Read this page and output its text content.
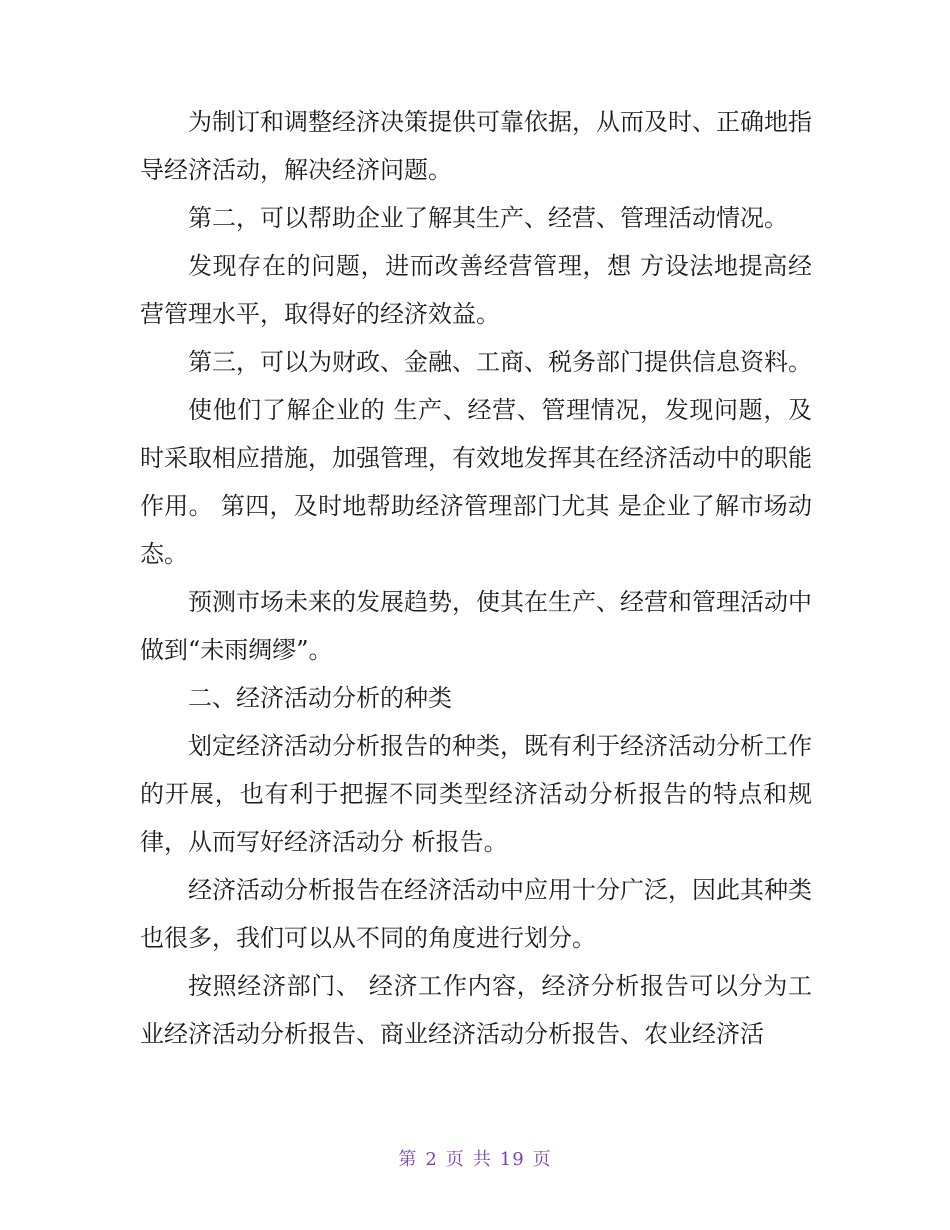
为制订和调整经济决策提供可靠依据，从而及时、正确地指 导经济活动，解决经济问题。

第二，可以帮助企业了解其生产、经营、管理活动情况。

发现存在的问题，进而改善经营管理，想 方设法地提高经营管理水平，取得好的经济效益。

第三，可以为财政、金融、工商、税务部门提供信息资料。

使他们了解企业的 生产、经营、管理情况，发现问题，及时采取相应措施，加强管理，有效地发挥其在经济活动中的职能作用。 第四，及时地帮助经济管理部门尤其 是企业了解市场动态。

预测市场未来的发展趋势，使其在生产、经营和管理活动中做到“未雨绸缪”。

二、经济活动分析的种类

划定经济活动分析报告的种类，既有利于经济活动分析工作的开展，也有利于把握不同类型经济活动分析报告的特点和规律，从而写好经济活动分 析报告。

经济活动分析报告在经济活动中应用十分广泛，因此其种类也很多，我们可以从不同的角度进行划分。

按照经济部门、 经济工作内容，经济分析报告可以分为工业经济活动分析报告、商业经济活动分析报告、农业经济活

第 2 页 共 19 页
